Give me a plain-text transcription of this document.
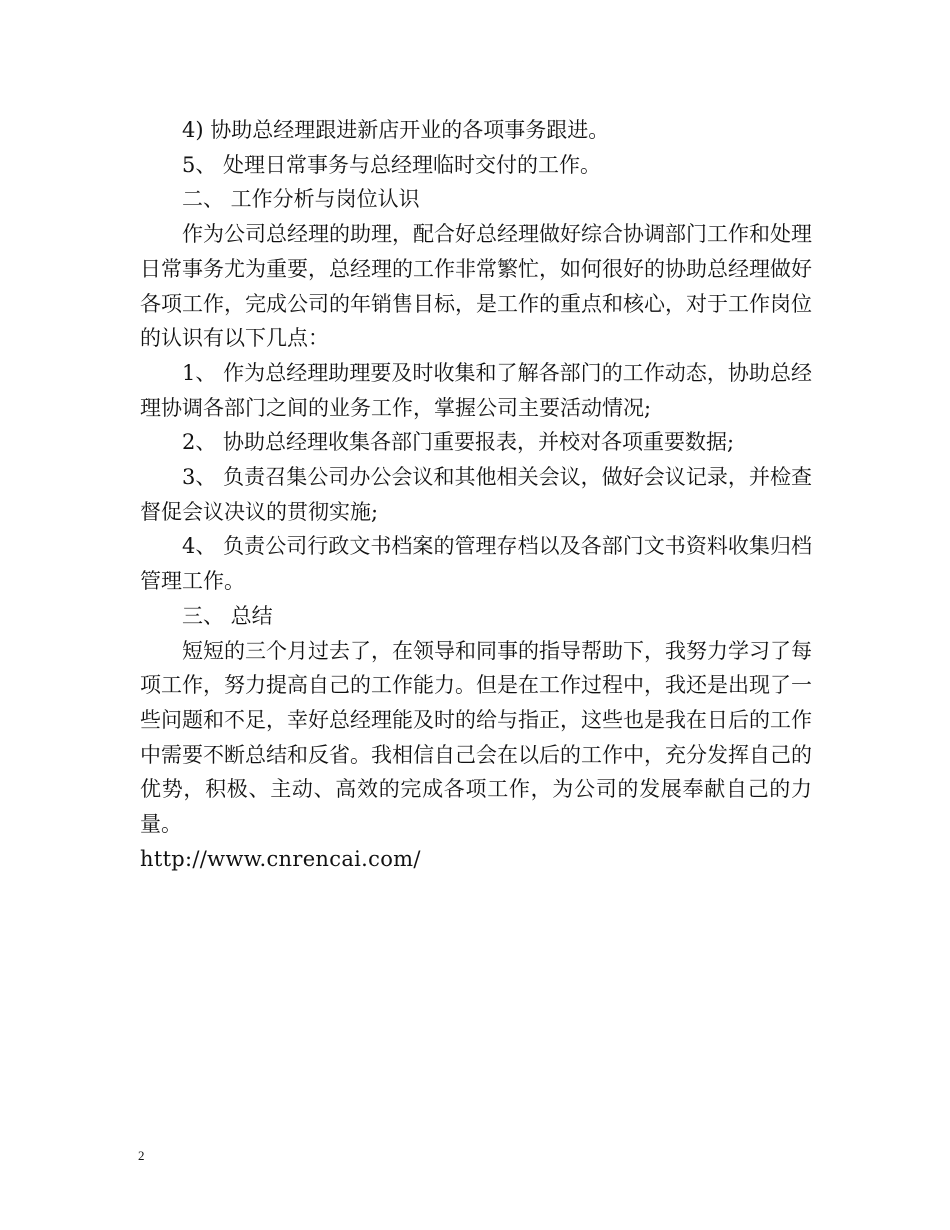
4) 协助总经理跟进新店开业的各项事务跟进。

5、 处理日常事务与总经理临时交付的工作。

二、 工作分析与岗位认识

作为公司总经理的助理，配合好总经理做好综合协调部门工作和处理日常事务尤为重要，总经理的工作非常繁忙，如何很好的协助总经理做好各项工作，完成公司的年销售目标，是工作的重点和核心，对于工作岗位的认识有以下几点：

1、 作为总经理助理要及时收集和了解各部门的工作动态，协助总经理协调各部门之间的业务工作，掌握公司主要活动情况;

2、 协助总经理收集各部门重要报表，并校对各项重要数据;

3、 负责召集公司办公会议和其他相关会议，做好会议记录，并检查督促会议决议的贯彻实施;

4、 负责公司行政文书档案的管理存档以及各部门文书资料收集归档管理工作。

三、 总结

短短的三个月过去了，在领导和同事的指导帮助下，我努力学习了每项工作，努力提高自己的工作能力。但是在工作过程中，我还是出现了一些问题和不足，幸好总经理能及时的给与指正，这些也是我在日后的工作中需要不断总结和反省。我相信自己会在以后的工作中，充分发挥自己的优势，积极、主动、高效的完成各项工作，为公司的发展奉献自己的力量。

http://www.cnrencai.com/

2
